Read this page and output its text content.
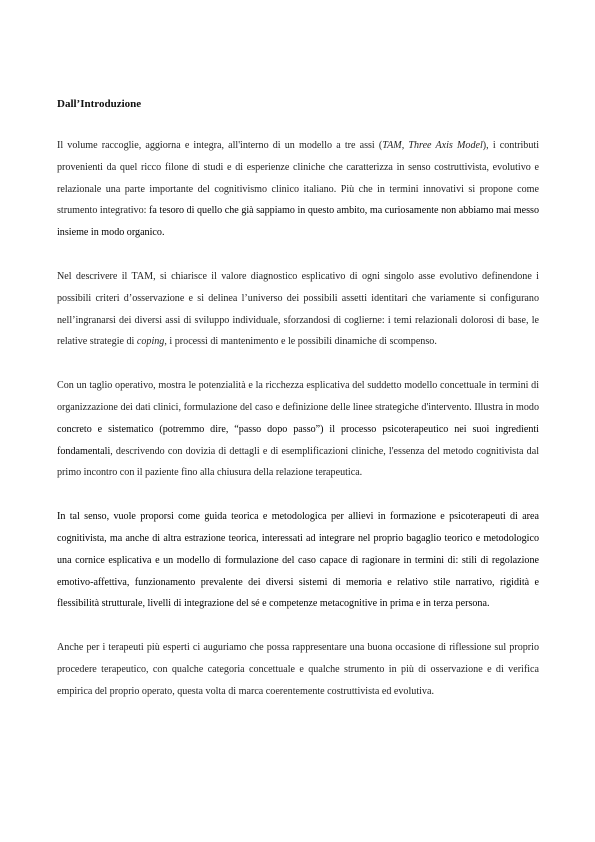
Dall’Introduzione

Il volume raccoglie, aggiorna e integra, all'interno di un modello a tre assi (TAM, Three Axis Model), i contributi provenienti da quel ricco filone di studi e di esperienze cliniche che caratterizza in senso costruttivista, evolutivo e relazionale una parte importante del cognitivismo clinico italiano. Più che in termini innovativi si propone come strumento integrativo: fa tesoro di quello che già sappiamo in questo ambito, ma curiosamente non abbiamo mai messo insieme in modo organico.

Nel descrivere il TAM, si chiarisce il valore diagnostico esplicativo di ogni singolo asse evolutivo definendone i possibili criteri d’osservazione e si delinea l’universo dei possibili assetti identitari che variamente si configurano nell’ingranarsi dei diversi assi di sviluppo individuale, sforzandosi di coglierne: i temi relazionali dolorosi di base, le relative strategie di coping, i processi di mantenimento e le possibili dinamiche di scompenso.

Con un taglio operativo, mostra le potenzialità e la ricchezza esplicativa del suddetto modello concettuale in termini di organizzazione dei dati clinici, formulazione del caso e definizione delle linee strategiche d'intervento. Illustra in modo concreto e sistematico (potremmo dire, “passo dopo passo”) il processo psicoterapeutico nei suoi ingredienti fondamentali, descrivendo con dovizia di dettagli e di esemplificazioni cliniche, l'essenza del metodo cognitivista dal primo incontro con il paziente fino alla chiusura della relazione terapeutica.

In tal senso, vuole proporsi come guida teorica e metodologica per allievi in formazione e psicoterapeuti di area cognitivista, ma anche di altra estrazione teorica, interessati ad integrare nel proprio bagaglio teorico e metodologico una cornice esplicativa e un modello di formulazione del caso capace di ragionare in termini di: stili di regolazione emotivo-affettiva, funzionamento prevalente dei diversi sistemi di memoria e relativo stile narrativo, rigidità e flessibilità strutturale, livelli di integrazione del sé e competenze metacognitive in prima e in terza persona.

Anche per i terapeuti più esperti ci auguriamo che possa rappresentare una buona occasione di riflessione sul proprio procedere terapeutico, con qualche categoria concettuale e qualche strumento in più di osservazione e di verifica empirica del proprio operato, questa volta di marca coerentemente costruttivista ed evolutiva.
